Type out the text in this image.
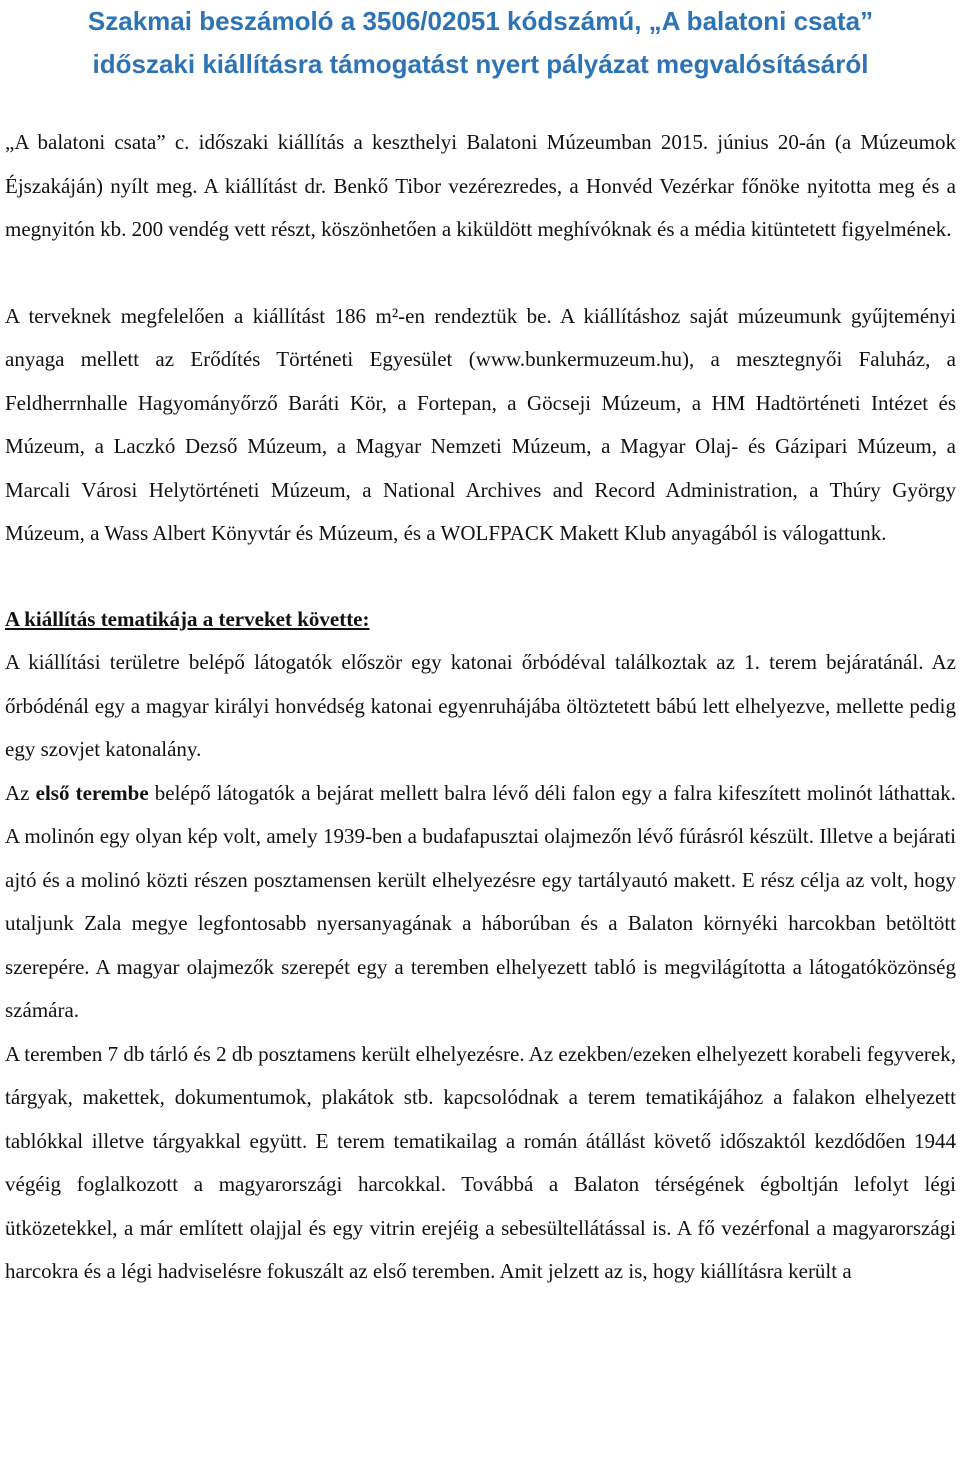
Szakmai beszámoló a 3506/02051 kódszámú, „A balatoni csata”
időszaki kiállításra támogatást nyert pályázat megvalósításáról

„A balatoni csata” c. időszaki kiállítás a keszthelyi Balatoni Múzeumban 2015. június 20-án (a Múzeumok Éjszakáján) nyílt meg. A kiállítást dr. Benkő Tibor vezérezredes, a Honvéd Vezérkar főnöke nyitotta meg és a megnyitón kb. 200 vendég vett részt, köszönhetően a kiküldött meghívóknak és a média kitüntetett figyelmének.

A terveknek megfelelően a kiállítást 186 m²-en rendeztük be. A kiállításhoz saját múzeumunk gyűjteményi anyaga mellett az Erődítés Történeti Egyesület (www.bunkermuzeum.hu), a mesztegnyői Faluház, a Feldherrnhalle Hagyományőrző Baráti Kör, a Fortepan, a Göcseji Múzeum, a HM Hadtörténeti Intézet és Múzeum, a Laczkó Dezső Múzeum, a Magyar Nemzeti Múzeum, a Magyar Olaj- és Gázipari Múzeum, a Marcali Városi Helytörténeti Múzeum, a National Archives and Record Administration, a Thúry György Múzeum, a Wass Albert Könyvtár és Múzeum, és a WOLFPACK Makett Klub anyagából is válogattunk.

A kiállítás tematikája a terveket követte:

A kiállítási területre belépő látogatók először egy katonai őrbódéval találkoztak az 1. terem bejáratánál. Az őrbódénál egy a magyar királyi honvédség katonai egyenruhájába öltöztetett bábú lett elhelyezve, mellette pedig egy szovjet katonalány.

Az első terembe belépő látogatók a bejárat mellett balra lévő déli falon egy a falra kifeszített molinót láthattak. A molinón egy olyan kép volt, amely 1939-ben a budafapusztai olajmezőn lévő fúrásról készült. Illetve a bejárati ajtó és a molinó közti részen posztamensen került elhelyezésre egy tartályautó makett. E rész célja az volt, hogy utaljunk Zala megye legfontosabb nyersanyagának a háborúban és a Balaton környéki harcokban betöltött szerepére. A magyar olajmezők szerepét egy a teremben elhelyezett tabló is megvilágította a látogatóközönség számára.

A teremben 7 db tárló és 2 db posztamens került elhelyezésre. Az ezekben/ezeken elhelyezett korabeli fegyverek, tárgyak, makettek, dokumentumok, plakátok stb. kapcsolódnak a terem tematikájához a falakon elhelyezett tablókkal illetve tárgyakkal együtt. E terem tematikailag a román átállást követő időszaktól kezdődően 1944 végéig foglalkozott a magyarországi harcokkal. Továbbá a Balaton térségének égboltján lefolyt légi ütközetekkel, a már említett olajjal és egy vitrin erejéig a sebesültellátással is. A fő vezérfonal a magyarországi harcokra és a légi hadviselésre fokuszált az első teremben. Amit jelzett az is, hogy kiállításra került a
